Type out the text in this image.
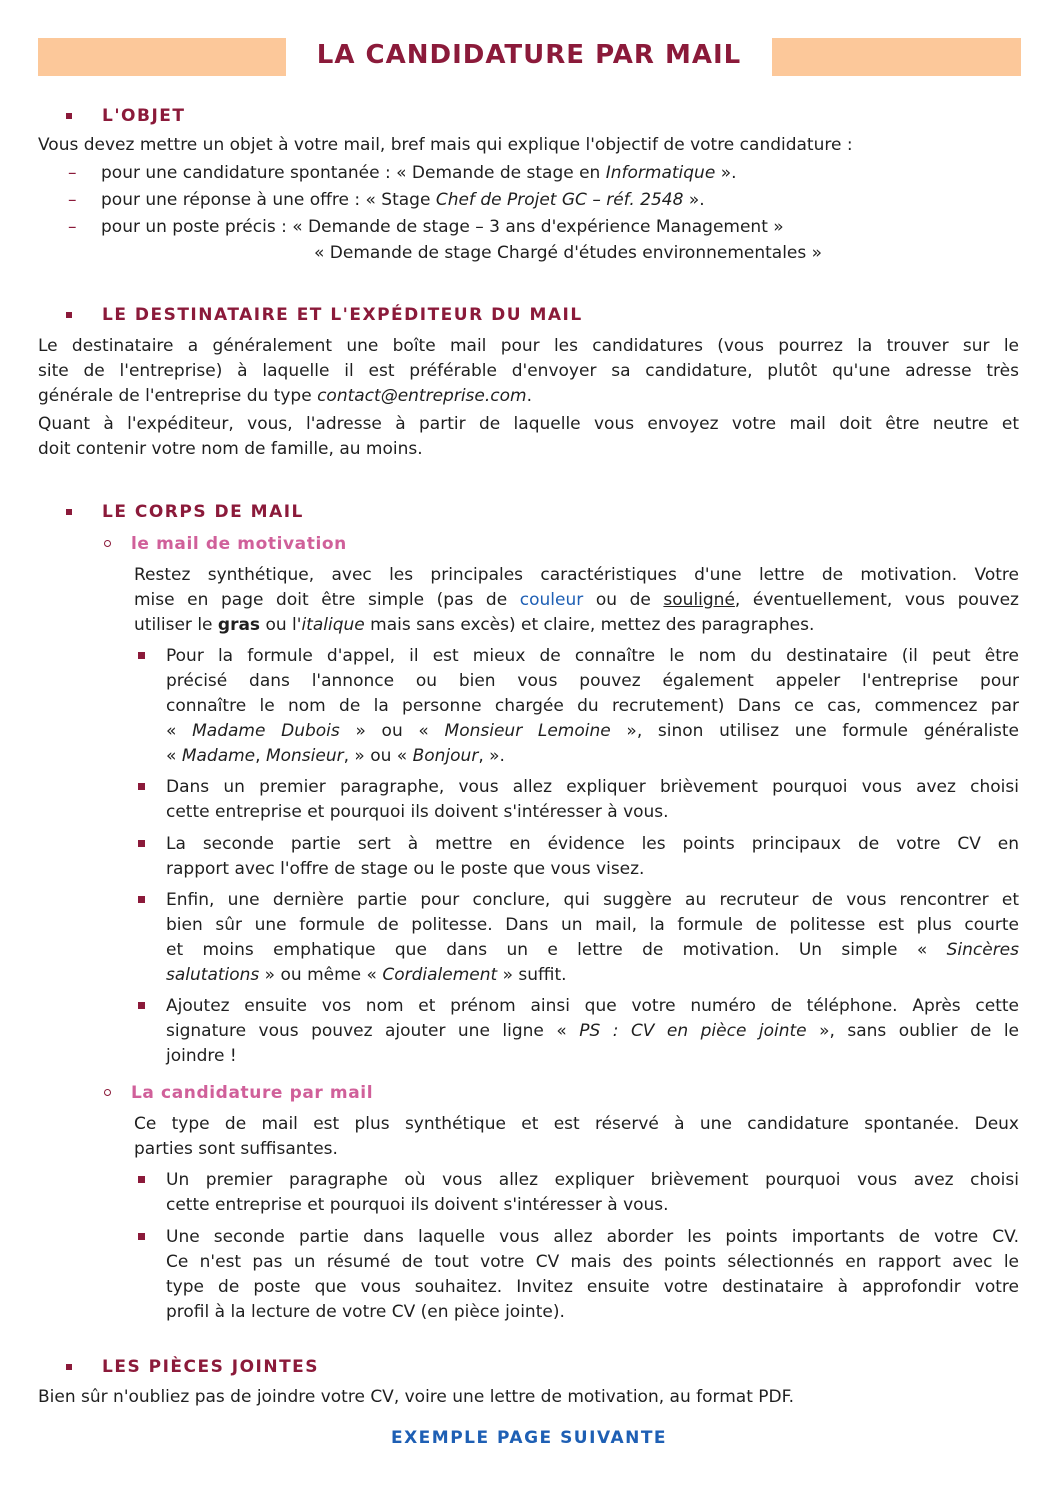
LA CANDIDATURE PAR MAIL
L'OBJET
Vous devez mettre un objet à votre mail, bref mais qui explique l'objectif de votre candidature :
– pour une candidature spontanée : « Demande de stage en Informatique ».
– pour une réponse à une offre : « Stage Chef de Projet GC – réf. 2548 ».
– pour un poste précis : « Demande de stage – 3 ans d'expérience Management »
« Demande de stage Chargé d'études environnementales »
LE DESTINATAIRE ET L'EXPÉDITEUR DU MAIL
Le destinataire a généralement une boîte mail pour les candidatures (vous pourrez la trouver sur le
site de l'entreprise) à laquelle il est préférable d'envoyer sa candidature, plutôt qu'une adresse très
générale de l'entreprise du type contact@entreprise.com.
Quant à l'expéditeur, vous, l'adresse à partir de laquelle vous envoyez votre mail doit être neutre et
doit contenir votre nom de famille, au moins.
LE CORPS DE MAIL
le mail de motivation
Restez synthétique, avec les principales caractéristiques d'une lettre de motivation. Votre
mise en page doit être simple (pas de couleur ou de souligné, éventuellement, vous pouvez
utiliser le gras ou l'italique mais sans excès) et claire, mettez des paragraphes.
Pour la formule d'appel, il est mieux de connaître le nom du destinataire (il peut être
précisé dans l'annonce ou bien vous pouvez également appeler l'entreprise pour
connaître le nom de la personne chargée du recrutement) Dans ce cas, commencez par
« Madame Dubois » ou « Monsieur Lemoine », sinon utilisez une formule généraliste
« Madame, Monsieur, » ou « Bonjour, ».
Dans un premier paragraphe, vous allez expliquer brièvement pourquoi vous avez choisi
cette entreprise et pourquoi ils doivent s'intéresser à vous.
La seconde partie sert à mettre en évidence les points principaux de votre CV en
rapport avec l'offre de stage ou le poste que vous visez.
Enfin, une dernière partie pour conclure, qui suggère au recruteur de vous rencontrer et
bien sûr une formule de politesse. Dans un mail, la formule de politesse est plus courte
et moins emphatique que dans un e lettre de motivation. Un simple « Sincères
salutations » ou même « Cordialement » suffit.
Ajoutez ensuite vos nom et prénom ainsi que votre numéro de téléphone. Après cette
signature vous pouvez ajouter une ligne « PS : CV en pièce jointe », sans oublier de le
joindre !
La candidature par mail
Ce type de mail est plus synthétique et est réservé à une candidature spontanée. Deux
parties sont suffisantes.
Un premier paragraphe où vous allez expliquer brièvement pourquoi vous avez choisi
cette entreprise et pourquoi ils doivent s'intéresser à vous.
Une seconde partie dans laquelle vous allez aborder les points importants de votre CV.
Ce n'est pas un résumé de tout votre CV mais des points sélectionnés en rapport avec le
type de poste que vous souhaitez. Invitez ensuite votre destinataire à approfondir votre
profil à la lecture de votre CV (en pièce jointe).
LES PIÈCES JOINTES
Bien sûr n'oubliez pas de joindre votre CV, voire une lettre de motivation, au format PDF.
EXEMPLE PAGE SUIVANTE
